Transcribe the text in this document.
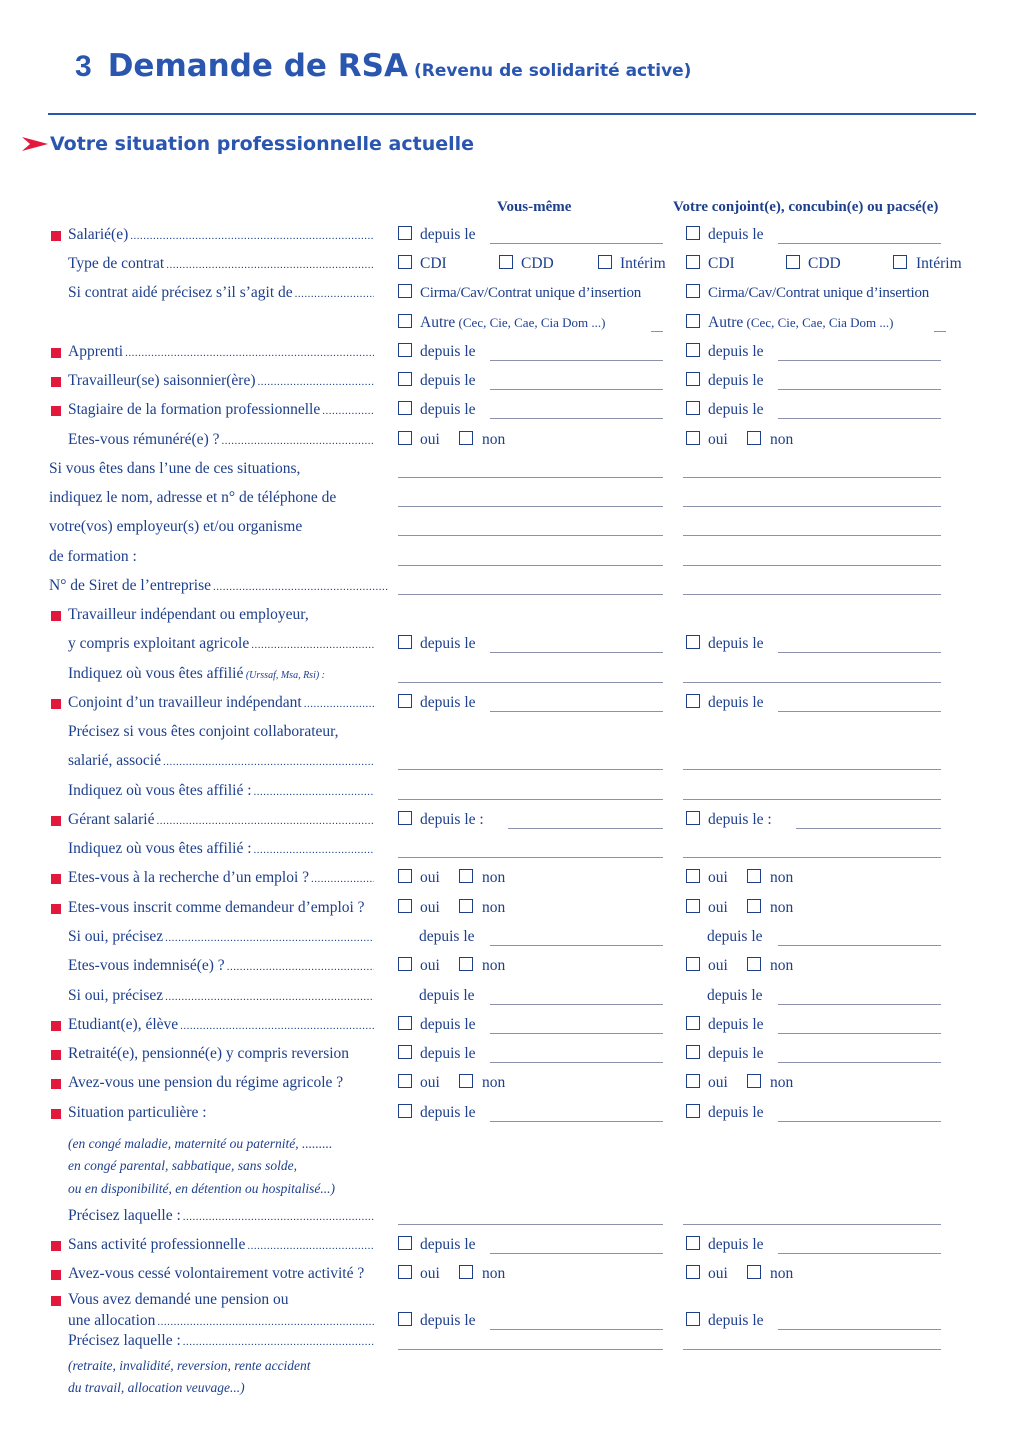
3 Demande de RSA (Revenu de solidarité active)
Votre situation professionnelle actuelle
Vous-même	Votre conjoint(e), concubin(e) ou pacsé(e)
Salarié(e) .....	depuis le	depuis le
Type de contrat .....	CDI	CDD	Intérim	CDI	CDD	Intérim
Si contrat aidé précisez s’il s’agit de .....	Cirma/Cav/Contrat unique d’insertion	Cirma/Cav/Contrat unique d’insertion
Autre (Cec, Cie, Cae, Cia Dom ...)	Autre (Cec, Cie, Cae, Cia Dom ...)
Apprenti .....	depuis le	depuis le
Travailleur(se) saisonnier(ère) .....	depuis le	depuis le
Stagiaire de la formation professionnelle .....	depuis le	depuis le
Etes-vous rémunéré(e) ? .....	oui	non	oui	non
Si vous êtes dans l’une de ces situations,
indiquez le nom, adresse et n° de téléphone de
votre(vos) employeur(s) et/ou organisme
de formation :
N° de Siret de l’entreprise .....
Travailleur indépendant ou employeur,
y compris exploitant agricole .....	depuis le	depuis le
Indiquez où vous êtes affilié (Urssaf, Msa, Rsi) :
Conjoint d’un travailleur indépendant .....	depuis le	depuis le
Précisez si vous êtes conjoint collaborateur,
salarié, associé .....
Indiquez où vous êtes affilié : .....
Gérant salarié .....	depuis le :	depuis le :
Indiquez où vous êtes affilié : .....
Etes-vous à la recherche d’un emploi ? .....	oui	non	oui	non
Etes-vous inscrit comme demandeur d’emploi ?	oui	non	oui	non
Si oui, précisez .....	depuis le	depuis le
Etes-vous indemnisé(e) ? .....	oui	non	oui	non
Si oui, précisez .....	depuis le	depuis le
Etudiant(e), élève .....	depuis le	depuis le
Retraité(e), pensionné(e) y compris reversion	depuis le	depuis le
Avez-vous une pension du régime agricole ?	oui	non	oui	non
Situation particulière :	depuis le	depuis le
Précisez laquelle : .....
Sans activité professionnelle .....	depuis le	depuis le
Avez-vous cessé volontairement votre activité ?	oui	non	oui	non
Vous avez demandé une pension ou
une allocation .....	depuis le	depuis le
Précisez laquelle : .....
(en congé maladie, maternité ou paternité, .........
en congé parental, sabbatique, sans solde,
ou en disponibilité, en détention ou hospitalisé...)
(retraite, invalidité, reversion, rente accident
du travail, allocation veuvage...)
